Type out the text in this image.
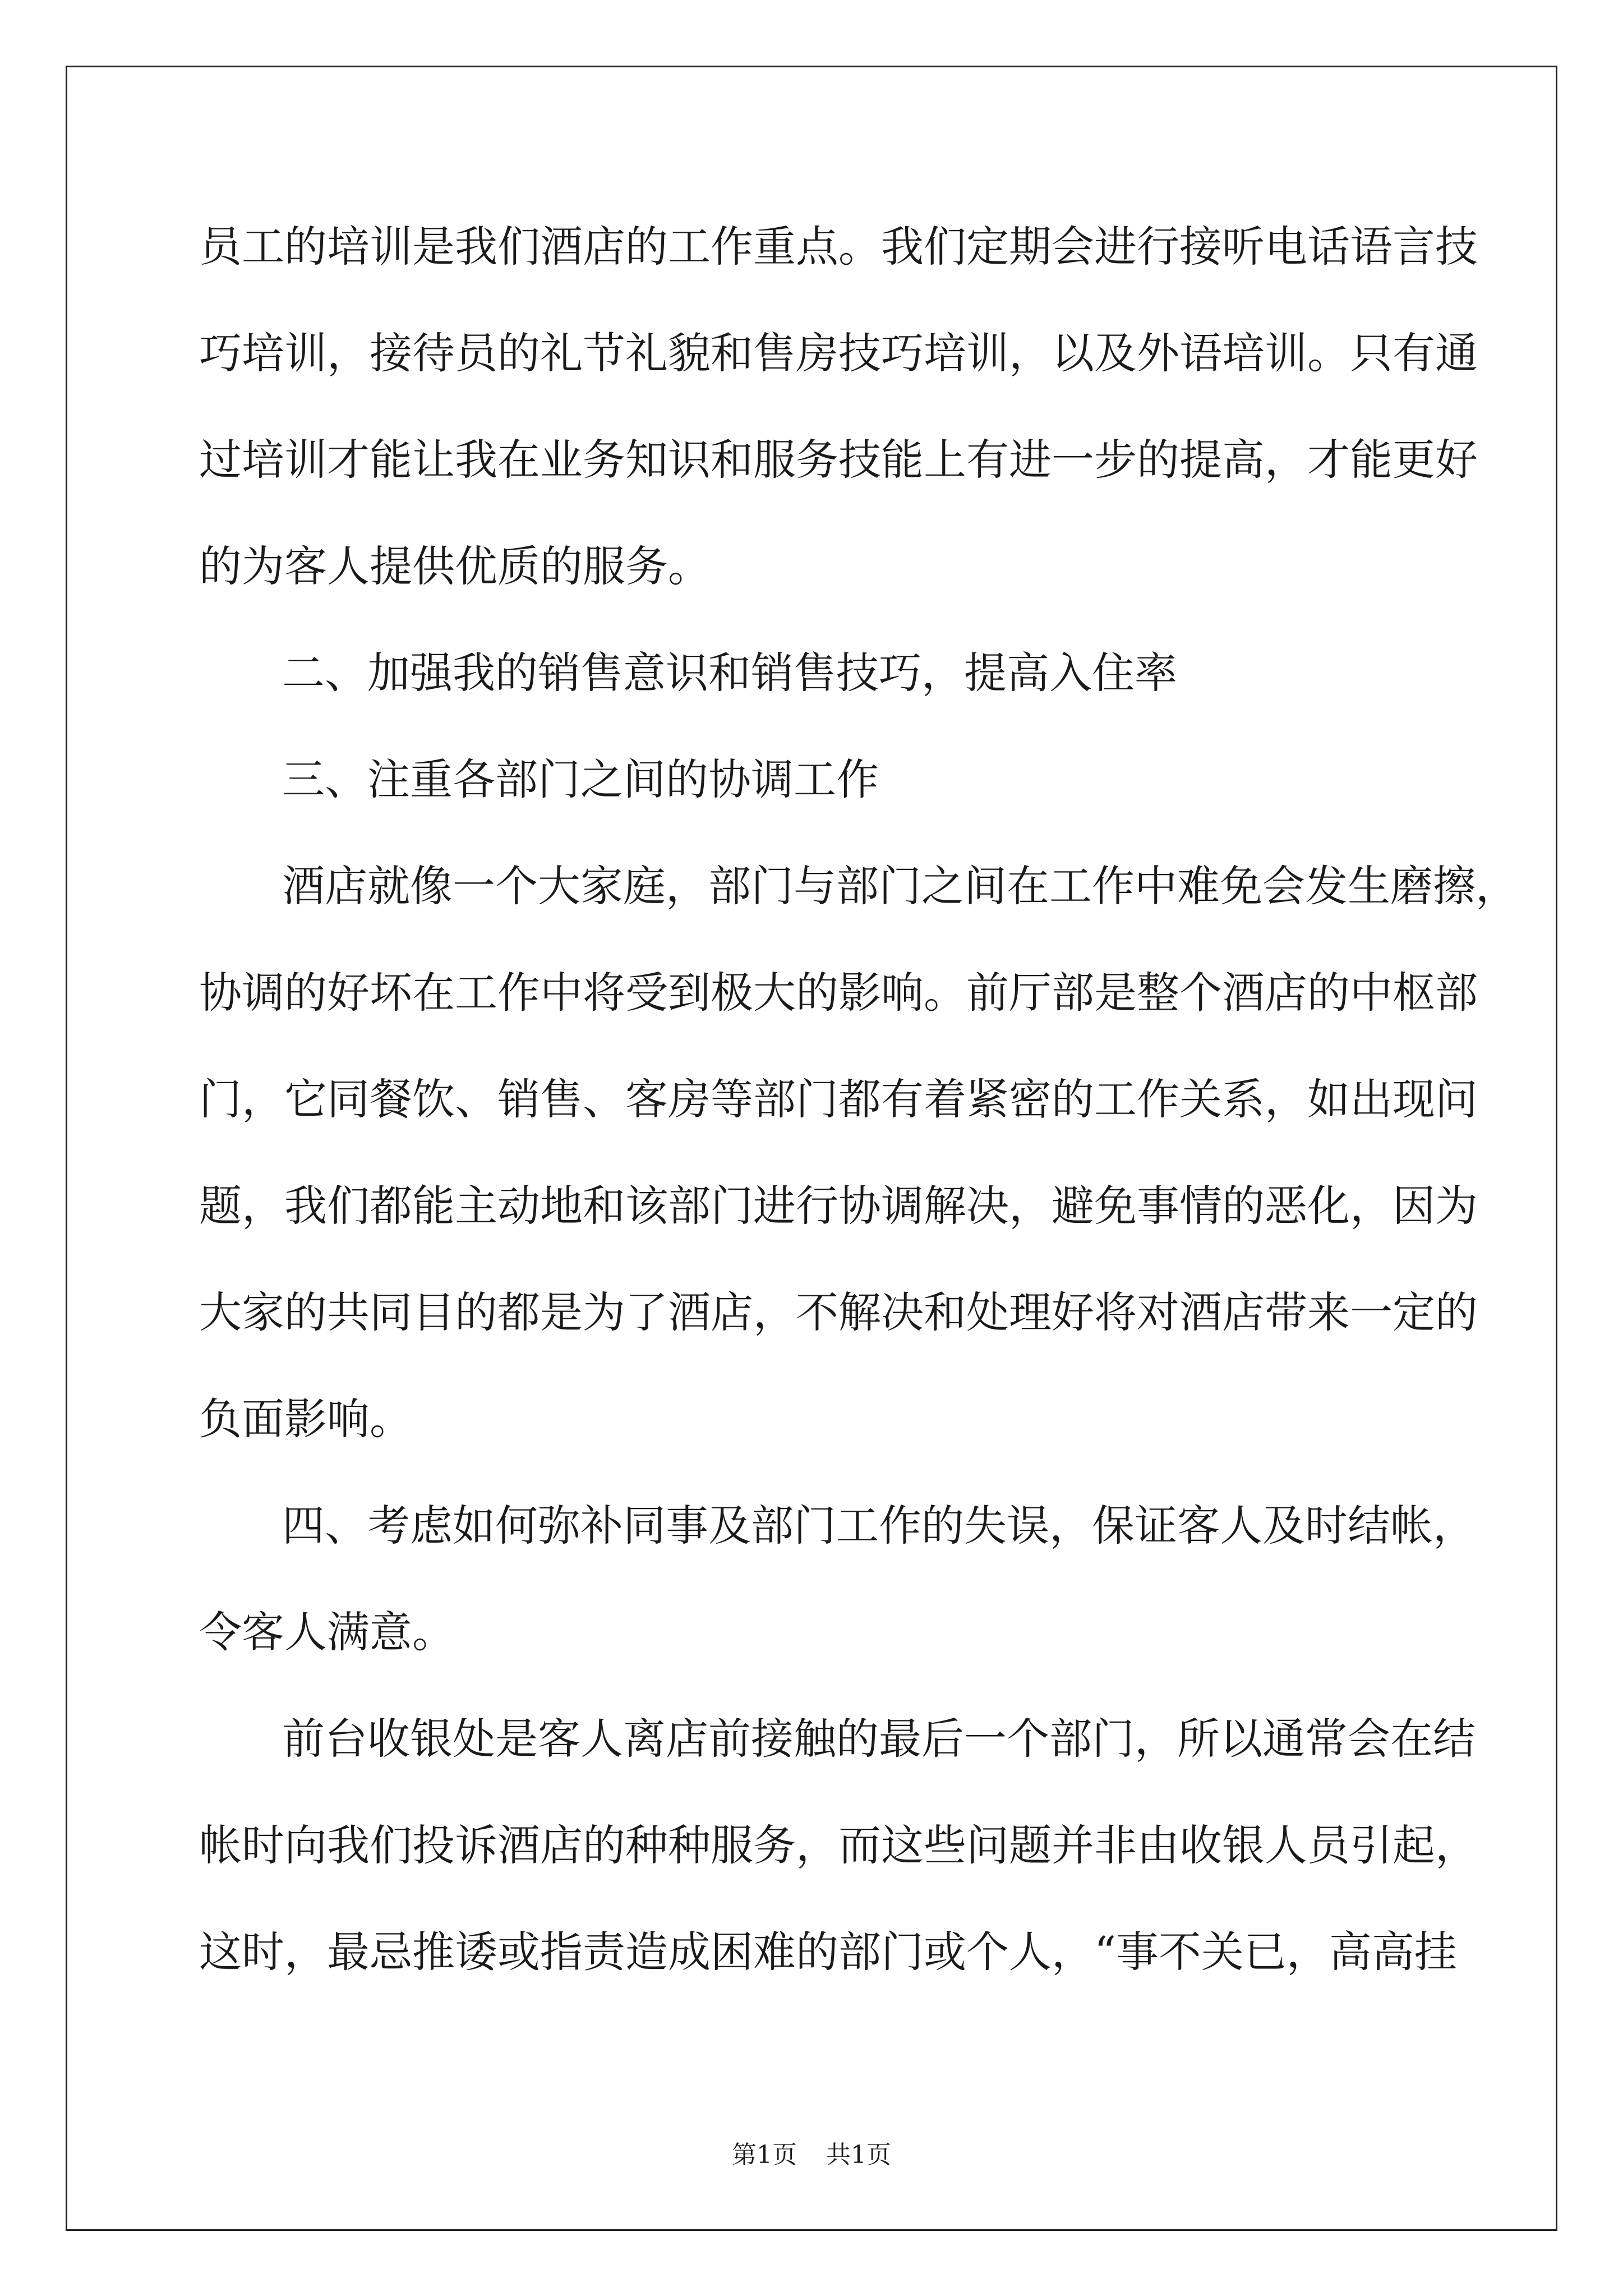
员工的培训是我们酒店的工作重点。我们定期会进行接听电话语言技
巧培训，接待员的礼节礼貌和售房技巧培训，以及外语培训。只有通
过培训才能让我在业务知识和服务技能上有进一步的提高，才能更好
的为客人提供优质的服务。
二、加强我的销售意识和销售技巧，提高入住率
三、注重各部门之间的协调工作
酒店就像一个大家庭，部门与部门之间在工作中难免会发生磨擦，
协调的好坏在工作中将受到极大的影响。前厅部是整个酒店的中枢部
门，它同餐饮、销售、客房等部门都有着紧密的工作关系，如出现问
题，我们都能主动地和该部门进行协调解决，避免事情的恶化，因为
大家的共同目的都是为了酒店，不解决和处理好将对酒店带来一定的
负面影响。
四、考虑如何弥补同事及部门工作的失误，保证客人及时结帐，
令客人满意。
前台收银处是客人离店前接触的最后一个部门，所以通常会在结
帐时向我们投诉酒店的种种服务，而这些问题并非由收银人员引起，
这时，最忌推诿或指责造成困难的部门或个人，“事不关已，高高挂
第1页 共1页
